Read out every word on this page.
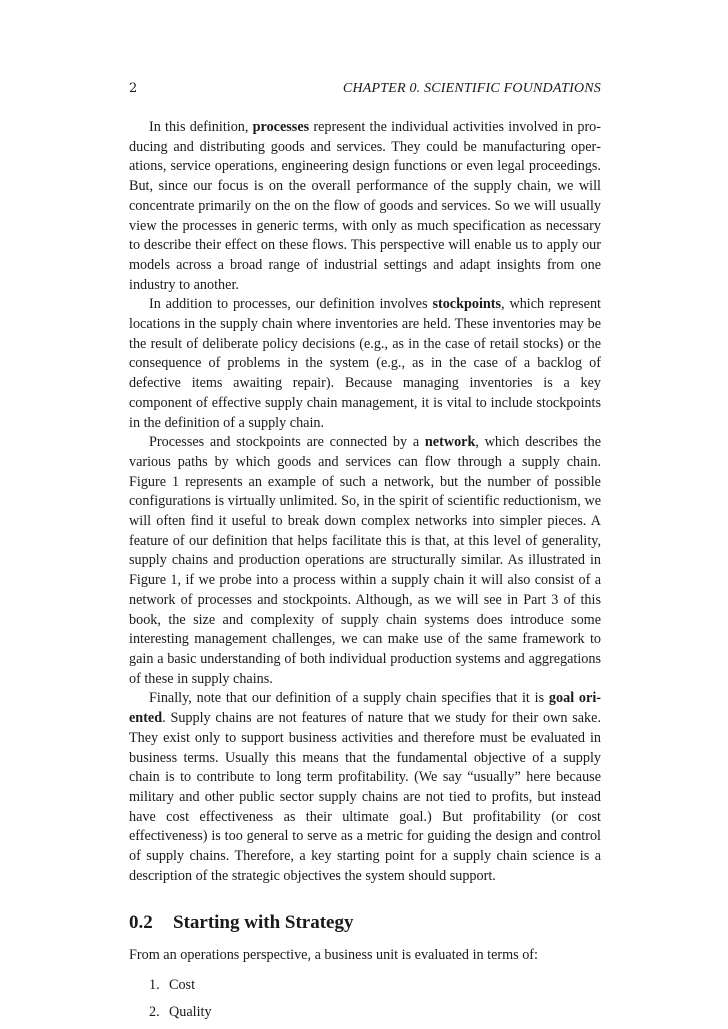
2	CHAPTER 0. SCIENTIFIC FOUNDATIONS

In this definition, processes represent the individual activities involved in producing and distributing goods and services. They could be manufacturing operations, service operations, engineering design functions or even legal proceedings. But, since our focus is on the overall performance of the supply chain, we will concentrate primarily on the on the flow of goods and services. So we will usually view the processes in generic terms, with only as much specification as necessary to describe their effect on these flows. This perspective will enable us to apply our models across a broad range of industrial settings and adapt insights from one industry to another.

In addition to processes, our definition involves stockpoints, which represent locations in the supply chain where inventories are held. These inventories may be the result of deliberate policy decisions (e.g., as in the case of retail stocks) or the consequence of problems in the system (e.g., as in the case of a backlog of defective items awaiting repair). Because managing inventories is a key component of effective supply chain management, it is vital to include stockpoints in the definition of a supply chain.

Processes and stockpoints are connected by a network, which describes the various paths by which goods and services can flow through a supply chain. Figure 1 represents an example of such a network, but the number of possible configurations is virtually unlimited. So, in the spirit of scientific reductionism, we will often find it useful to break down complex networks into simpler pieces. A feature of our definition that helps facilitate this is that, at this level of generality, supply chains and production operations are structurally similar. As illustrated in Figure 1, if we probe into a process within a supply chain it will also consist of a network of processes and stockpoints. Although, as we will see in Part 3 of this book, the size and complexity of supply chain systems does introduce some interesting management challenges, we can make use of the same framework to gain a basic understanding of both individual production systems and aggregations of these in supply chains.

Finally, note that our definition of a supply chain specifies that it is goal oriented. Supply chains are not features of nature that we study for their own sake. They exist only to support business activities and therefore must be evaluated in business terms. Usually this means that the fundamental objective of a supply chain is to contribute to long term profitability. (We say “usually” here because military and other public sector supply chains are not tied to profits, but instead have cost effectiveness as their ultimate goal.) But profitability (or cost effectiveness) is too general to serve as a metric for guiding the design and control of supply chains. Therefore, a key starting point for a supply chain science is a description of the strategic objectives the system should support.

0.2 Starting with Strategy
From an operations perspective, a business unit is evaluated in terms of:
1. Cost
2. Quality
